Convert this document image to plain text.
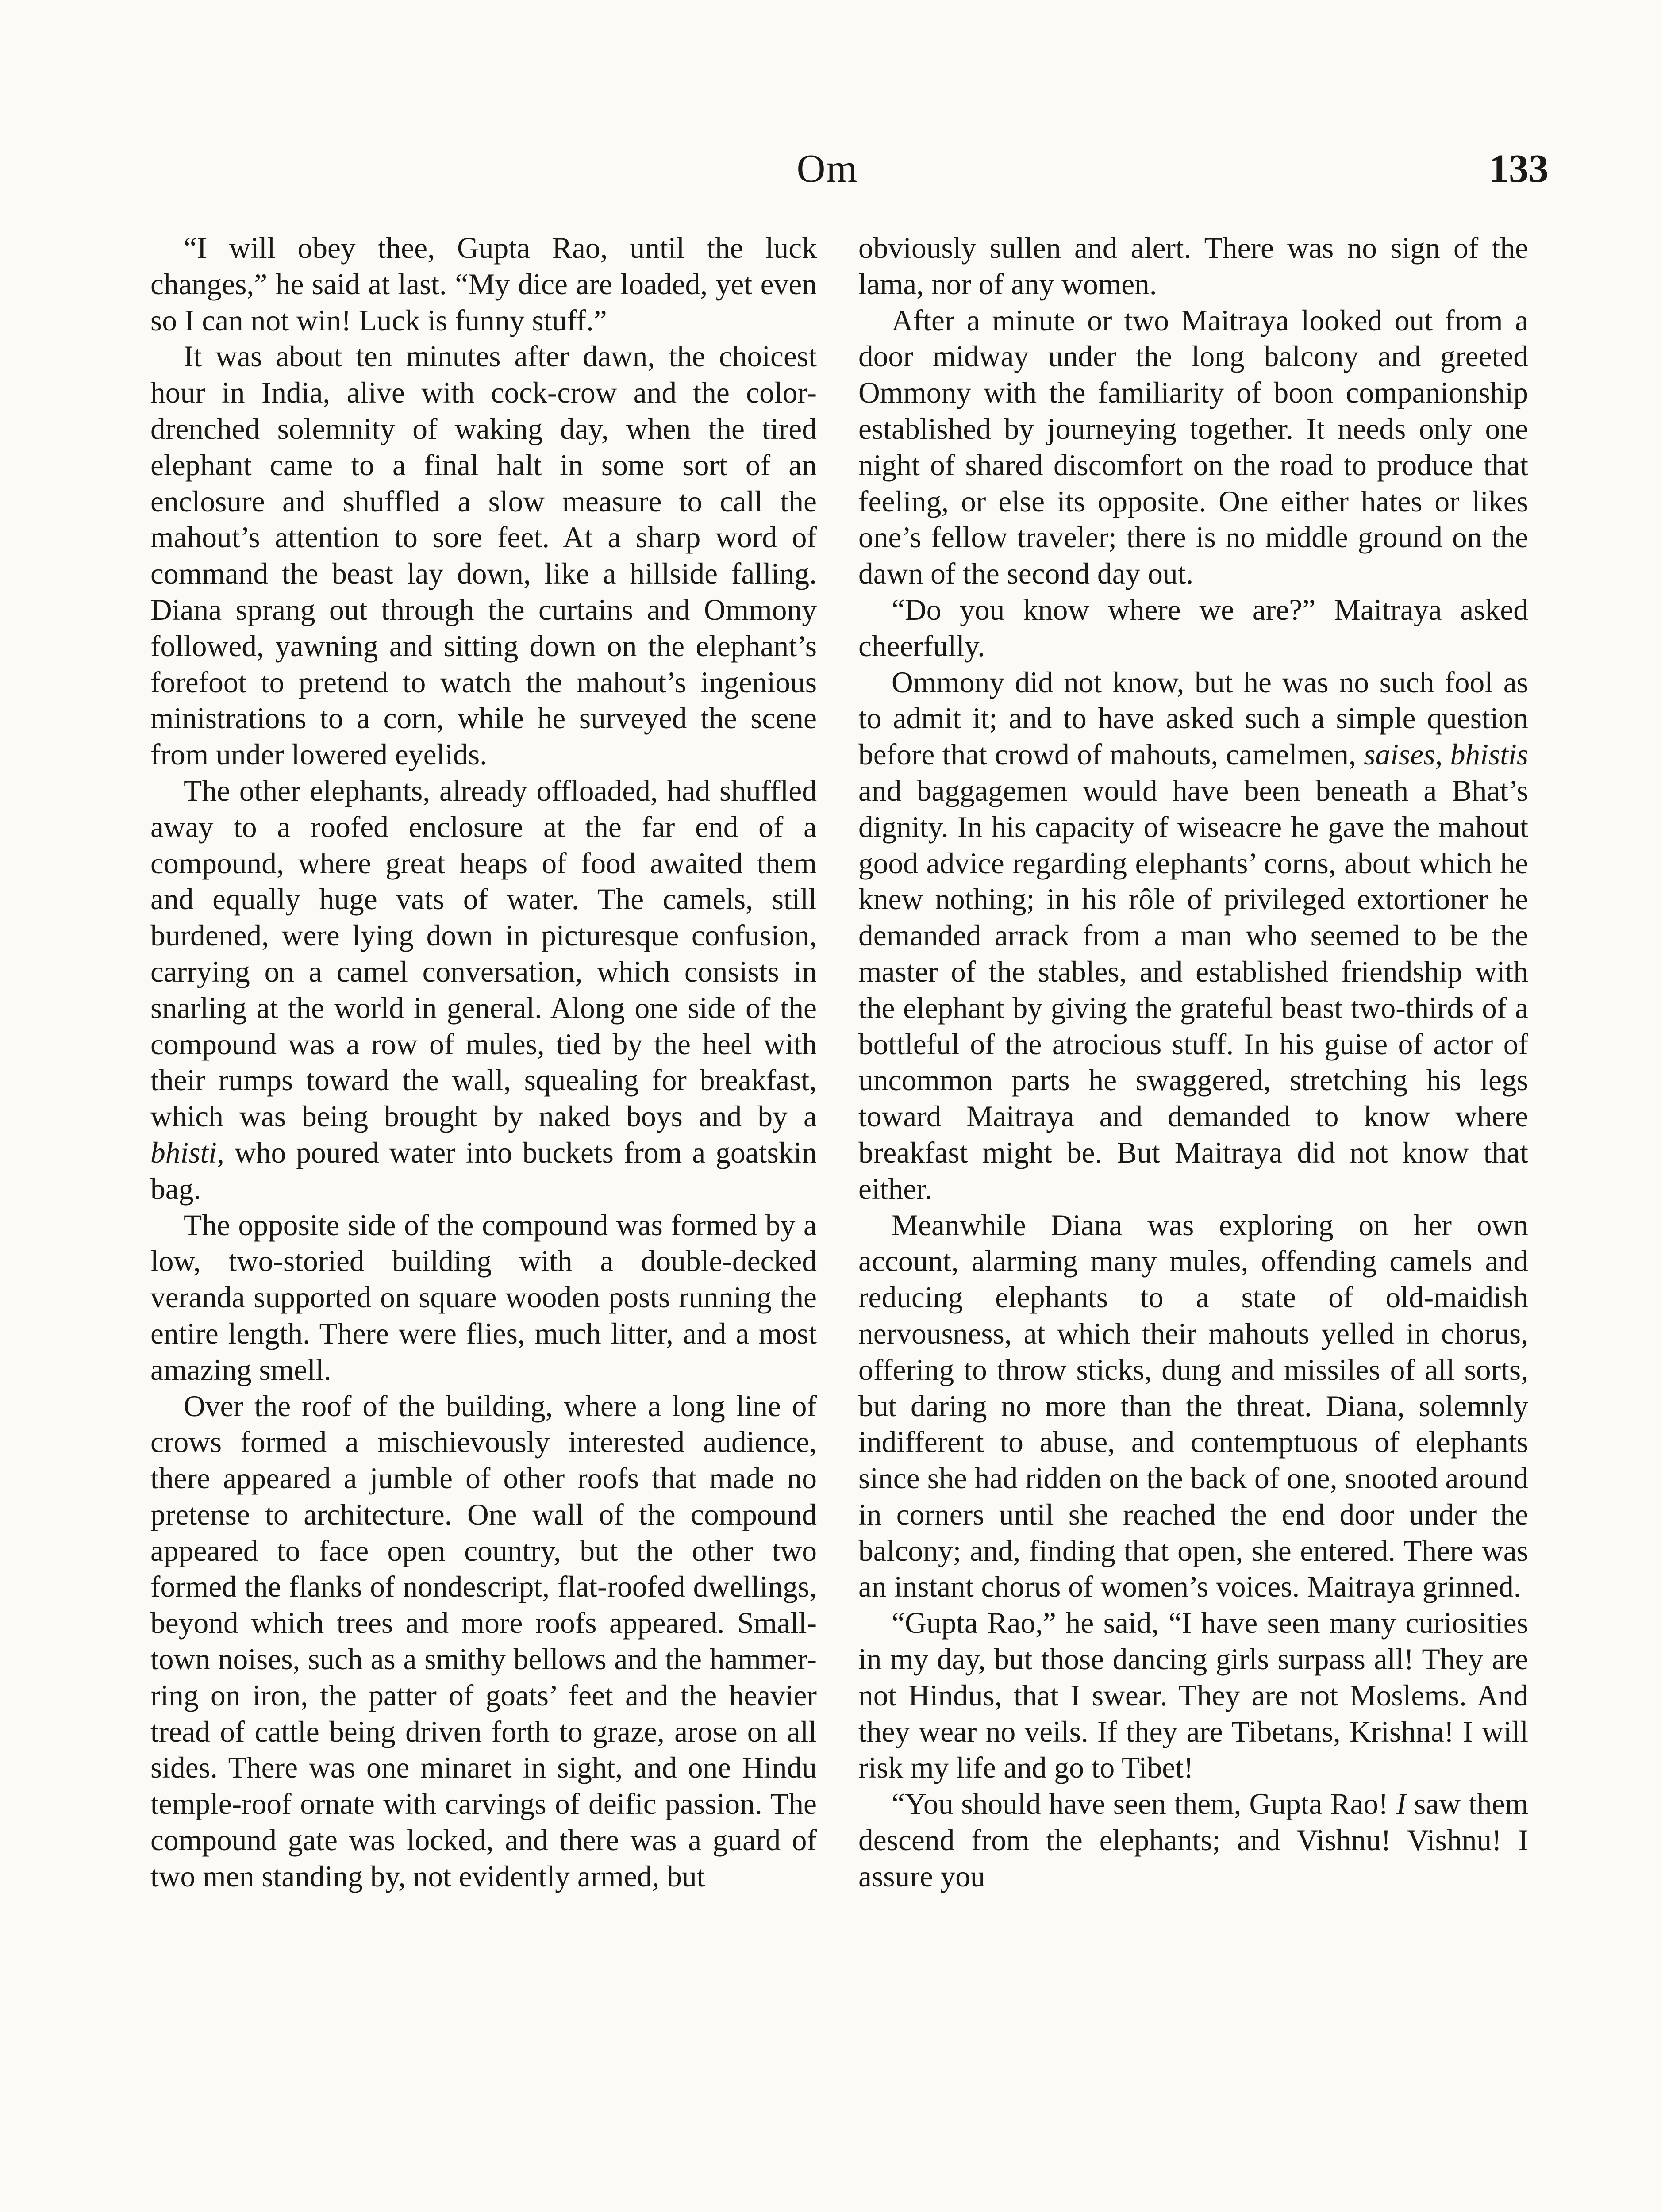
Om	133

“I will obey thee, Gupta Rao, until the luck changes,” he said at last. “My dice are loaded, yet even so I can not win! Luck is funny stuff.”

It was about ten minutes after dawn, the choicest hour in India, alive with cock-crow and the color-drenched solemnity of waking day, when the tired elephant came to a final halt in some sort of an enclosure and shuffled a slow measure to call the mahout’s attention to sore feet. At a sharp word of command the beast lay down, like a hillside falling. Diana sprang out through the curtains and Ommony followed, yawning and sitting down on the elephant’s forefoot to pretend to watch the mahout’s ingenious ministrations to a corn, while he surveyed the scene from under lowered eyelids.

The other elephants, already offloaded, had shuffled away to a roofed enclosure at the far end of a compound, where great heaps of food awaited them and equally huge vats of water. The camels, still burdened, were lying down in picturesque confusion, carrying on a camel conversation, which consists in snarling at the world in general. Along one side of the compound was a row of mules, tied by the heel with their rumps toward the wall, squealing for breakfast, which was being brought by naked boys and by a bhisti, who poured water into buckets from a goatskin bag.

The opposite side of the compound was formed by a low, two-storied building with a double-decked veranda supported on square wooden posts running the entire length. There were flies, much litter, and a most amazing smell.

Over the roof of the building, where a long line of crows formed a mischievously interested audience, there appeared a jumble of other roofs that made no pretense to architecture. One wall of the compound appeared to face open country, but the other two formed the flanks of nondescript, flat-roofed dwellings, beyond which trees and more roofs appeared. Small-town noises, such as a smithy bellows and the hammer-ring on iron, the patter of goats’ feet and the heavier tread of cattle being driven forth to graze, arose on all sides. There was one minaret in sight, and one Hindu temple-roof ornate with carvings of deific passion. The compound gate was locked, and there was a guard of two men standing by, not evidently armed, but

obviously sullen and alert. There was no sign of the lama, nor of any women.

After a minute or two Maitraya looked out from a door midway under the long balcony and greeted Ommony with the familiarity of boon companionship established by journeying together. It needs only one night of shared discomfort on the road to produce that feeling, or else its opposite. One either hates or likes one’s fellow traveler; there is no middle ground on the dawn of the second day out.

“Do you know where we are?” Maitraya asked cheerfully.

Ommony did not know, but he was no such fool as to admit it; and to have asked such a simple question before that crowd of mahouts, camelmen, saises, bhistis and baggagemen would have been beneath a Bhat’s dignity. In his capacity of wiseacre he gave the mahout good advice regarding elephants’ corns, about which he knew nothing; in his rôle of privileged extortioner he demanded arrack from a man who seemed to be the master of the stables, and established friendship with the elephant by giving the grateful beast two-thirds of a bottleful of the atrocious stuff. In his guise of actor of uncommon parts he swaggered, stretching his legs toward Maitraya and demanded to know where breakfast might be. But Maitraya did not know that either.

Meanwhile Diana was exploring on her own account, alarming many mules, offending camels and reducing elephants to a state of old-maidish nervousness, at which their mahouts yelled in chorus, offering to throw sticks, dung and missiles of all sorts, but daring no more than the threat. Diana, solemnly indifferent to abuse, and contemptuous of elephants since she had ridden on the back of one, snooted around in corners until she reached the end door under the balcony; and, finding that open, she entered. There was an instant chorus of women’s voices. Maitraya grinned.

“Gupta Rao,” he said, “I have seen many curiosities in my day, but those dancing girls surpass all! They are not Hindus, that I swear. They are not Moslems. And they wear no veils. If they are Tibetans, Krishna! I will risk my life and go to Tibet!

“You should have seen them, Gupta Rao! I saw them descend from the elephants; and Vishnu! Vishnu! I assure you
